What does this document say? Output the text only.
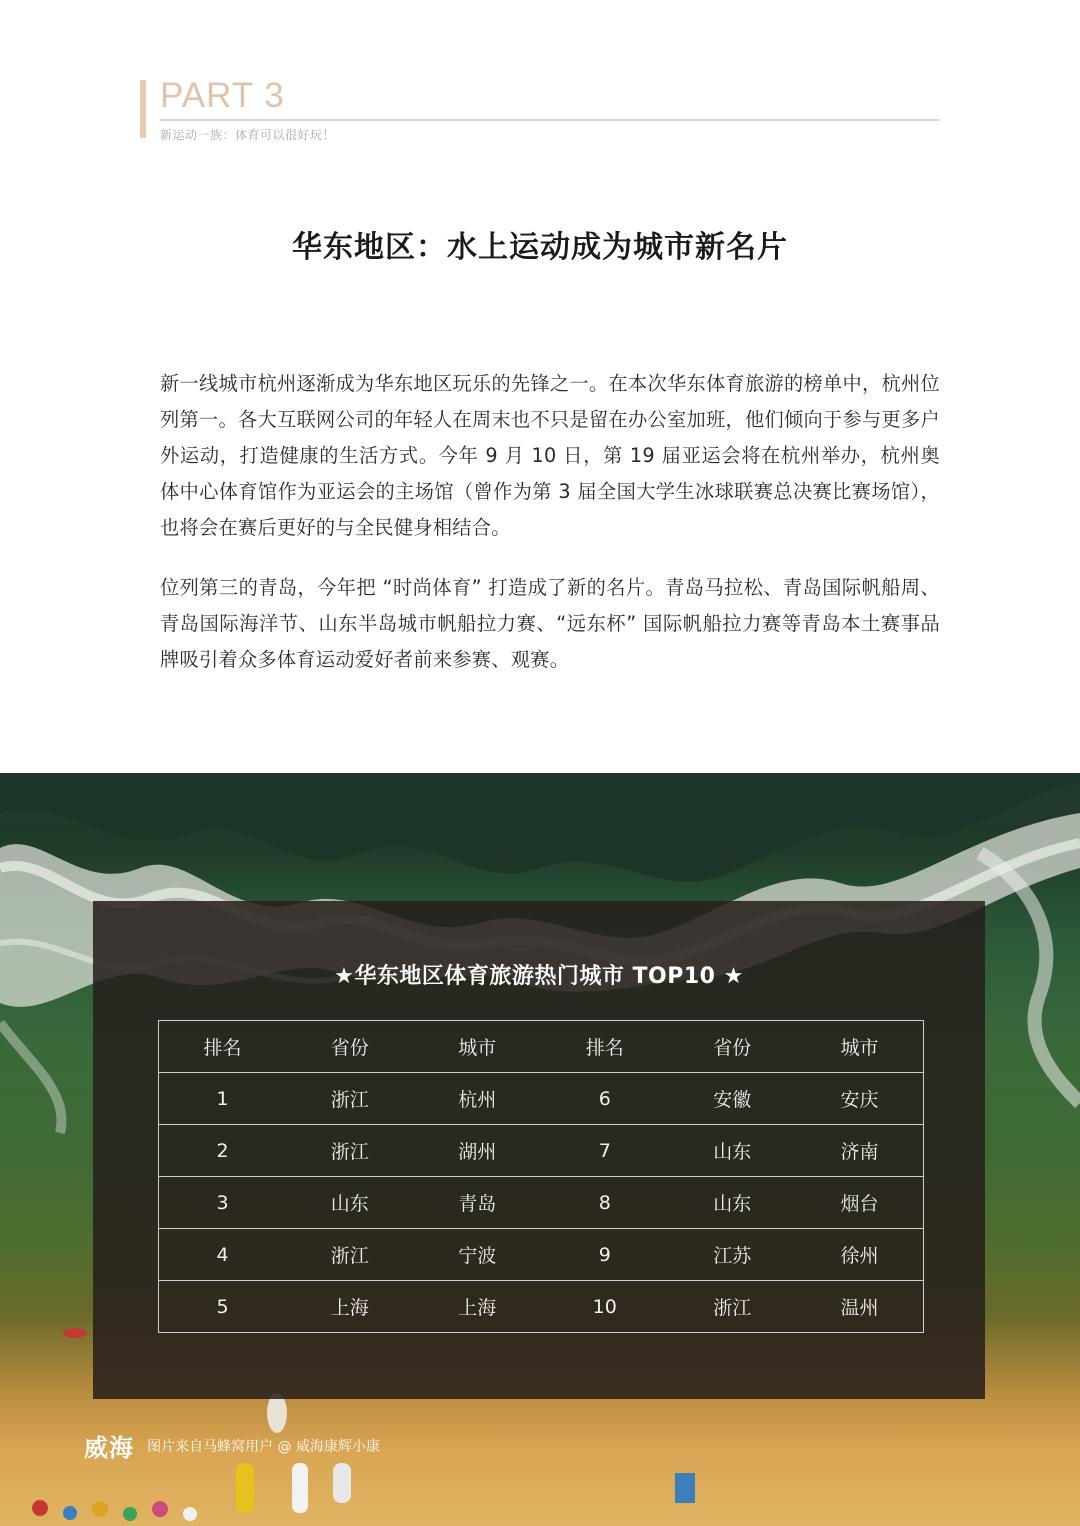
PART 3
新运动一族：体育可以很好玩！
华东地区：水上运动成为城市新名片

新一线城市杭州逐渐成为华东地区玩乐的先锋之一。在本次华东体育旅游的榜单中，杭州位列第一。各大互联网公司的年轻人在周末也不只是留在办公室加班，他们倾向于参与更多户外运动，打造健康的生活方式。今年 9 月 10 日，第 19 届亚运会将在杭州举办，杭州奥体中心体育馆作为亚运会的主场馆（曾作为第 3 届全国大学生冰球联赛总决赛比赛场馆），也将会在赛后更好的与全民健身相结合。

位列第三的青岛，今年把 “时尚体育” 打造成了新的名片。青岛马拉松、青岛国际帆船周、青岛国际海洋节、山东半岛城市帆船拉力赛、“远东杯” 国际帆船拉力赛等青岛本土赛事品牌吸引着众多体育运动爱好者前来参赛、观赛。

★华东地区体育旅游热门城市 TOP10 ★
排名	省份	城市	排名	省份	城市
1	浙江	杭州	6	安徽	安庆
2	浙江	湖州	7	山东	济南
3	山东	青岛	8	山东	烟台
4	浙江	宁波	9	江苏	徐州
5	上海	上海	10	浙江	温州
威海 图片来自马蜂窝用户 @ 威海康辉小康
